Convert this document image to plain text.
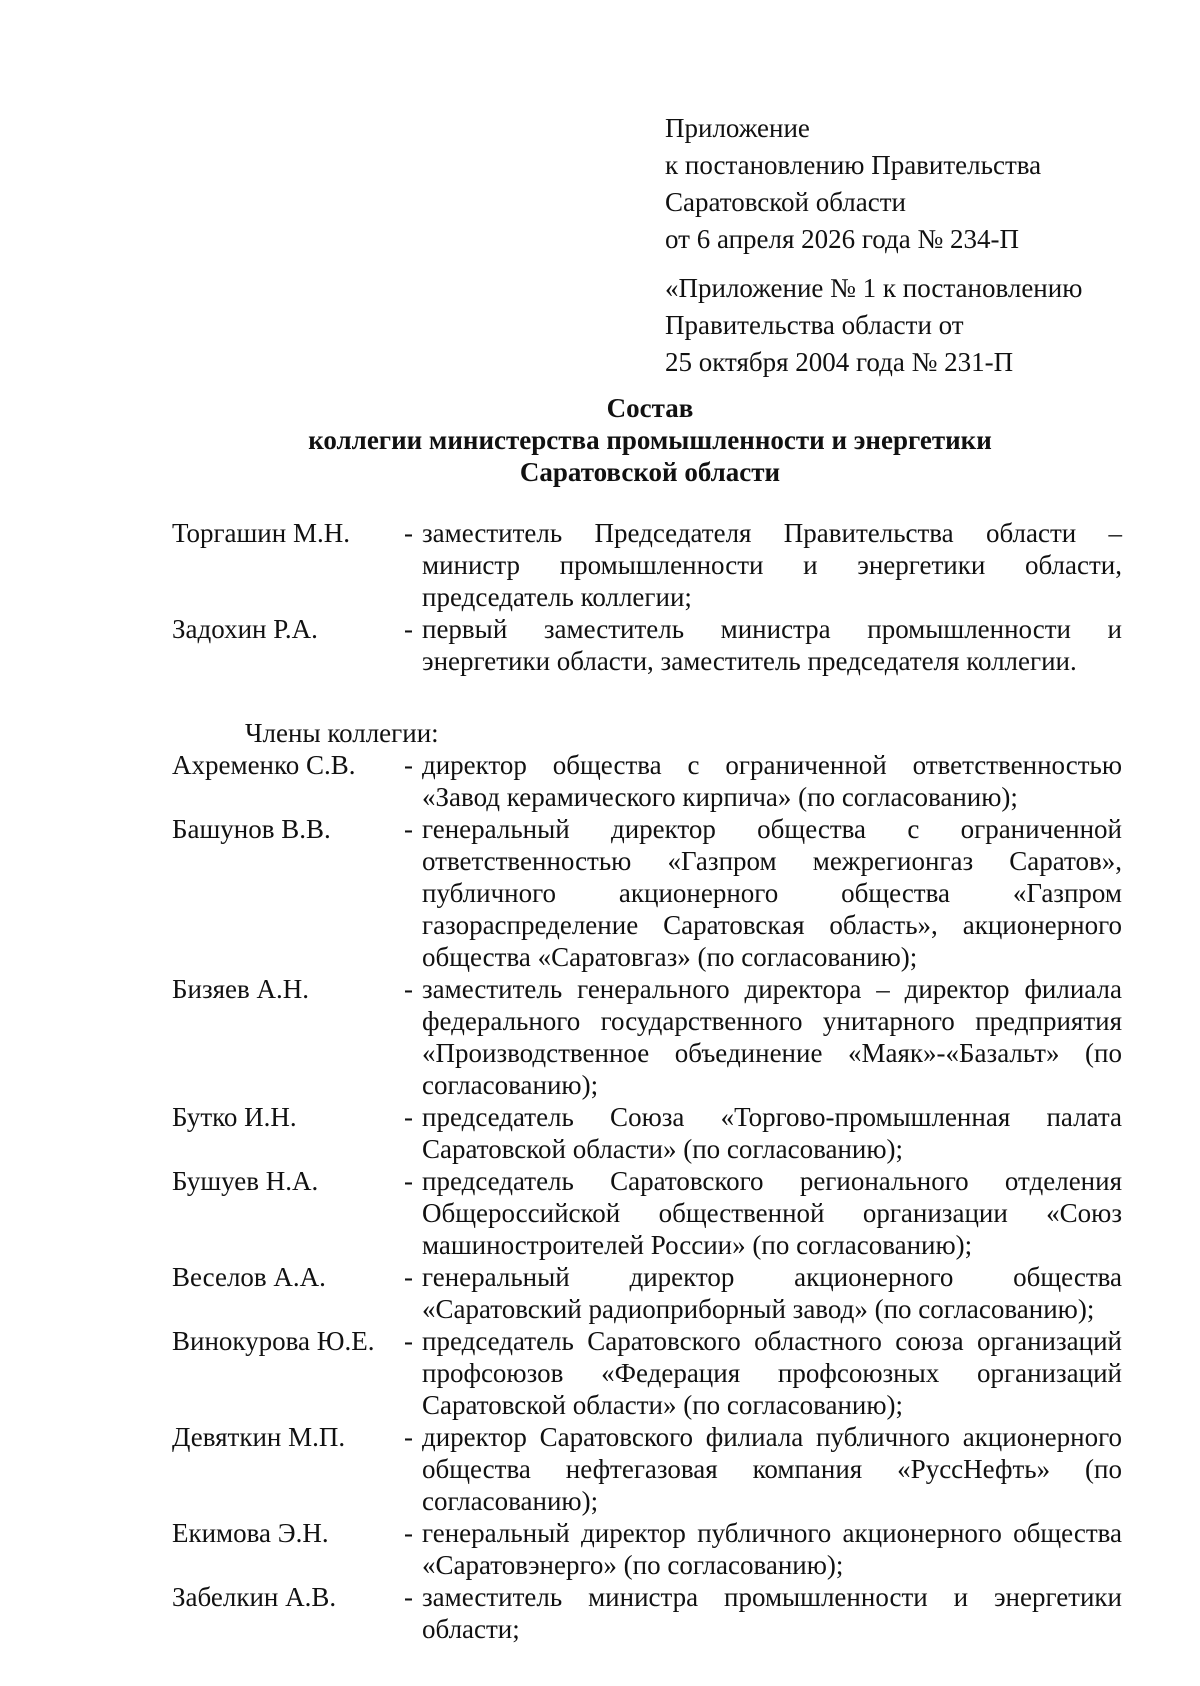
Приложение
к постановлению Правительства
Саратовской области
от 6 апреля 2026 года № 234-П
«Приложение № 1 к постановлению
Правительства области от
25 октября 2004 года № 231-П
Состав
коллегии министерства промышленности и энергетики
Саратовской области
Торгашин М.Н.	- заместитель Председателя Правительства области – министр промышленности и энергетики области, председатель коллегии;
Задохин Р.А.	- первый заместитель министра промышленности и энергетики области, заместитель председателя коллегии.
Члены коллегии:
Ахременко С.В.	- директор общества с ограниченной ответственностью «Завод керамического кирпича» (по согласованию);
Башунов В.В.	- генеральный директор общества с ограниченной ответственностью «Газпром межрегионгаз Саратов», публичного акционерного общества «Газпром газораспределение Саратовская область», акционерного общества «Саратовгаз» (по согласованию);
Бизяев А.Н.	- заместитель генерального директора – директор филиала федерального государственного унитарного предприятия «Производственное объединение «Маяк»-«Базальт» (по согласованию);
Бутко И.Н.	- председатель Союза «Торгово-промышленная палата Саратовской области» (по согласованию);
Бушуев Н.А.	- председатель Саратовского регионального отделения Общероссийской общественной организации «Союз машиностроителей России» (по согласованию);
Веселов А.А.	- генеральный директор акционерного общества «Саратовский радиоприборный завод» (по согласованию);
Винокурова Ю.Е.	- председатель Саратовского областного союза организаций профсоюзов «Федерация профсоюзных организаций Саратовской области» (по согласованию);
Девяткин М.П.	- директор Саратовского филиала публичного акционерного общества нефтегазовая компания «РуссНефть» (по согласованию);
Екимова Э.Н.	- генеральный директор публичного акционерного общества «Саратовэнерго» (по согласованию);
Забелкин А.В.	- заместитель министра промышленности и энергетики области;
